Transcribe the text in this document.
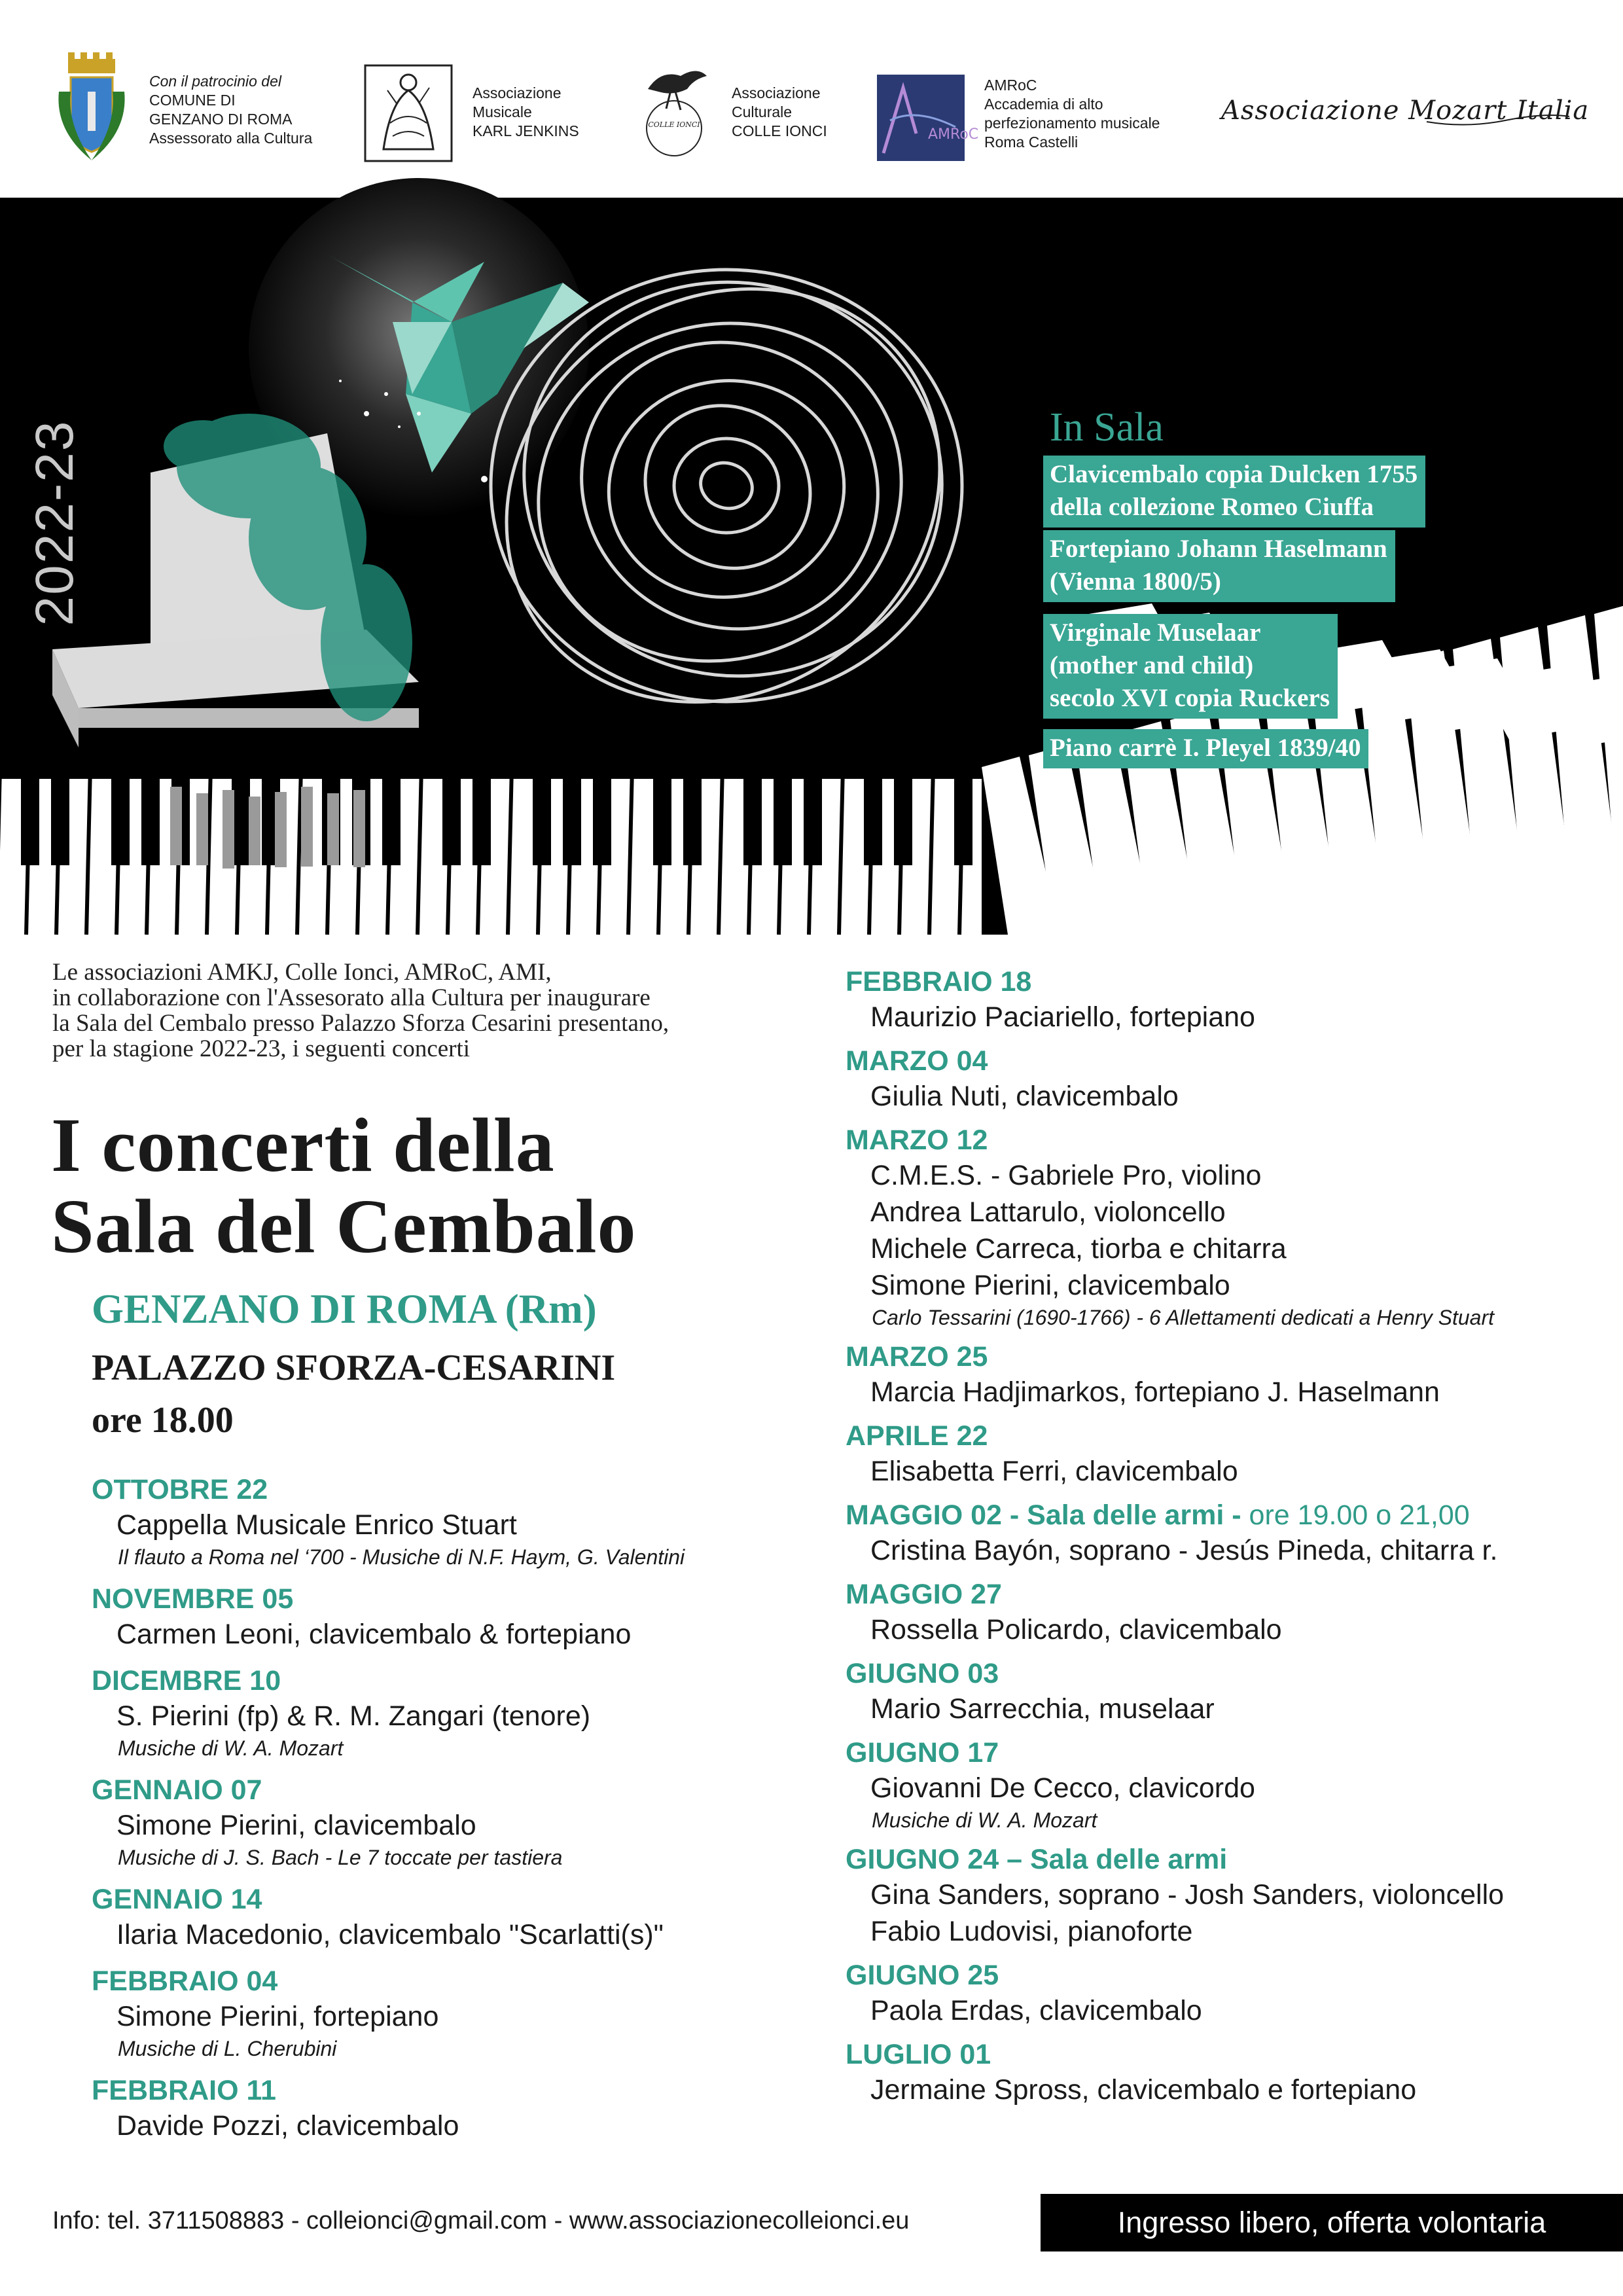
Con il patrocinio del
COMUNE DI
GENZANO DI ROMA
Assessorato alla Cultura
Associazione
Musicale
KARL JENKINS	COLLE IONCI
Associazione
Culturale
COLLE IONCI	AMRoC
AMRoC
Accademia di alto
perfezionamento musicale
Roma Castelli
Associazione Mozart Italia
2022-23	In Sala
Clavicembalo copia Dulcken 1755
della collezione Romeo Ciuffa
Fortepiano Johann Haselmann
(Vienna 1800/5)
Virginale Muselaar
(mother and child)
secolo XVI copia Ruckers
Piano carrè I. Pleyel 1839/40
Le associazioni AMKJ, Colle Ionci, AMRoC, AMI,
in collaborazione con l'Assesorato alla Cultura per inaugurare
la Sala del Cembalo presso Palazzo Sforza Cesarini presentano,
per la stagione 2022-23, i seguenti concerti
I concerti della
Sala del Cembalo
GENZANO DI ROMA (Rm)
PALAZZO SFORZA-CESARINI
ore 18.00
OTTOBRE 22
Cappella Musicale Enrico Stuart
Il flauto a Roma nel ‘700 - Musiche di N.F. Haym, G. Valentini
NOVEMBRE 05
Carmen Leoni, clavicembalo & fortepiano
DICEMBRE 10
S. Pierini (fp) & R. M. Zangari (tenore)
Musiche di W. A. Mozart
GENNAIO 07
Simone Pierini, clavicembalo
Musiche di J. S. Bach - Le 7 toccate per tastiera
GENNAIO 14
Ilaria Macedonio, clavicembalo "Scarlatti(s)"
FEBBRAIO 04
Simone Pierini, fortepiano
Musiche di L. Cherubini
FEBBRAIO 11
Davide Pozzi, clavicembalo
FEBBRAIO 18
Maurizio Paciariello, fortepiano
MARZO 04
Giulia Nuti, clavicembalo
MARZO 12
C.M.E.S. - Gabriele Pro, violino
Andrea Lattarulo, violoncello
Michele Carreca, tiorba e chitarra
Simone Pierini, clavicembalo
Carlo Tessarini (1690-1766) - 6 Allettamenti dedicati a Henry Stuart
MARZO 25
Marcia Hadjimarkos, fortepiano J. Haselmann
APRILE 22
Elisabetta Ferri, clavicembalo
MAGGIO 02 - Sala delle armi - ore 19.00 o 21,00
Cristina Bayón, soprano - Jesús Pineda, chitarra r.
MAGGIO 27
Rossella Policardo, clavicembalo
GIUGNO 03
Mario Sarrecchia, muselaar
GIUGNO 17
Giovanni De Cecco, clavicordo
Musiche di W. A. Mozart
GIUGNO 24 – Sala delle armi
Gina Sanders, soprano - Josh Sanders, violoncello
Fabio Ludovisi, pianoforte
GIUGNO 25
Paola Erdas, clavicembalo
LUGLIO 01
Jermaine Spross, clavicembalo e fortepiano
Info: tel. 3711508883 - colleionci@gmail.com - www.associazionecolleionci.eu	Ingresso libero, offerta volontaria
